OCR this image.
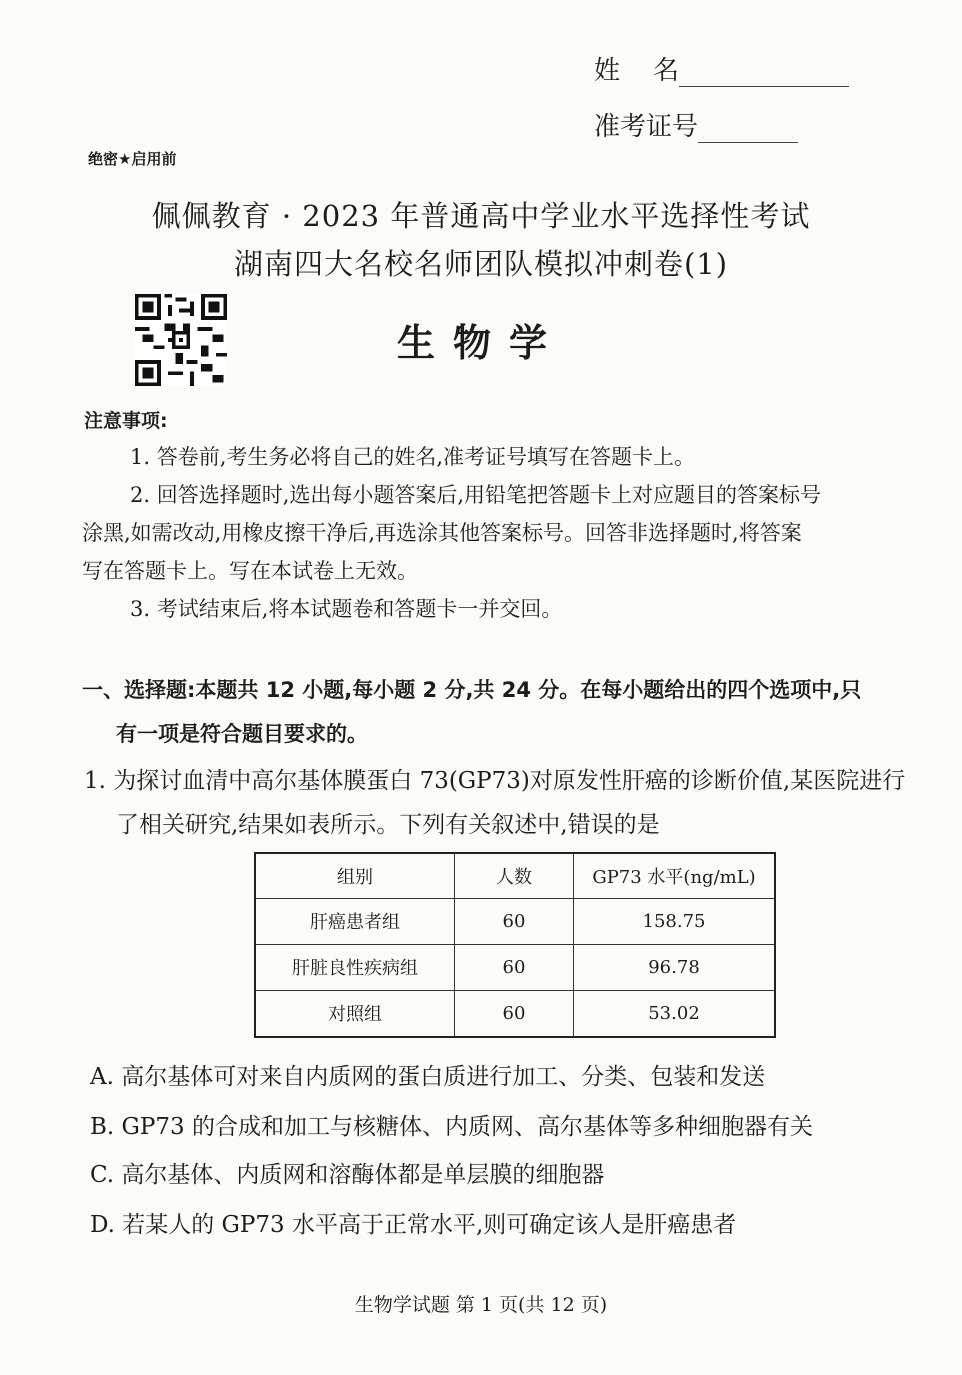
姓    名
准考证号
绝密★启用前
佩佩教育 · 2023 年普通高中学业水平选择性考试
湖南四大名校名师团队模拟冲刺卷(1)
生物学
注意事项:
1. 答卷前,考生务必将自己的姓名,准考证号填写在答题卡上。
2. 回答选择题时,选出每小题答案后,用铅笔把答题卡上对应题目的答案标号
涂黑,如需改动,用橡皮擦干净后,再选涂其他答案标号。回答非选择题时,将答案
写在答题卡上。写在本试卷上无效。
3. 考试结束后,将本试题卷和答题卡一并交回。
一、选择题:本题共 12 小题,每小题 2 分,共 24 分。在每小题给出的四个选项中,只
有一项是符合题目要求的。
1. 为探讨血清中高尔基体膜蛋白 73(GP73)对原发性肝癌的诊断价值,某医院进行
了相关研究,结果如表所示。下列有关叙述中,错误的是
组别	人数	GP73 水平(ng/mL)
肝癌患者组	60	158.75
肝脏良性疾病组	60	96.78
对照组	60	53.02
A. 高尔基体可对来自内质网的蛋白质进行加工、分类、包装和发送
B. GP73 的合成和加工与核糖体、内质网、高尔基体等多种细胞器有关
C. 高尔基体、内质网和溶酶体都是单层膜的细胞器
D. 若某人的 GP73 水平高于正常水平,则可确定该人是肝癌患者
生物学试题 第 1 页(共 12 页)
